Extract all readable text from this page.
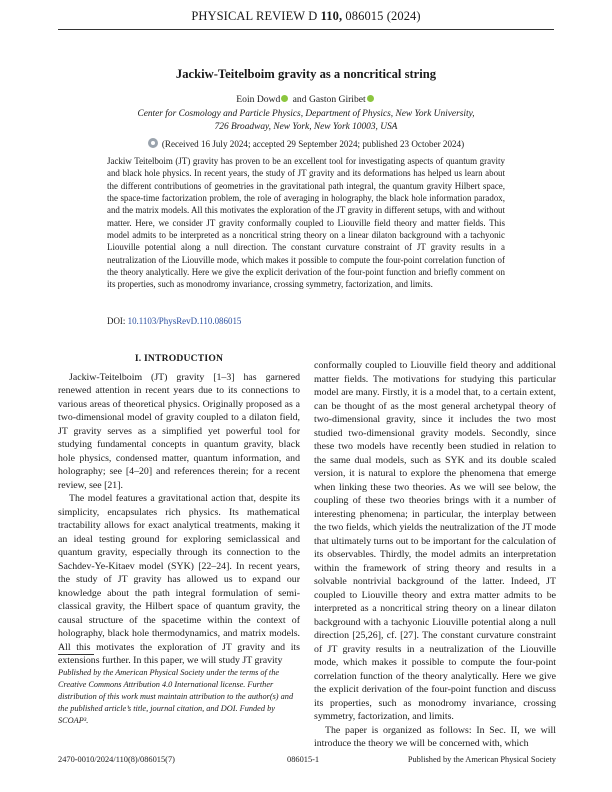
PHYSICAL REVIEW D 110, 086015 (2024)
Jackiw-Teitelboim gravity as a noncritical string
Eoin Dowd and Gaston Giribet
Center for Cosmology and Particle Physics, Department of Physics, New York University,
726 Broadway, New York, New York 10003, USA
(Received 16 July 2024; accepted 29 September 2024; published 23 October 2024)

Jackiw Teitelboim (JT) gravity has proven to be an excellent tool for investigating aspects of quantum gravity and black hole physics. In recent years, the study of JT gravity and its deformations has helped us learn about the different contributions of geometries in the gravitational path integral, the quantum gravity Hilbert space, the space-time factorization problem, the role of averaging in holography, the black hole information paradox, and the matrix models. All this motivates the exploration of the JT gravity in different setups, with and without matter. Here, we consider JT gravity conformally coupled to Liouville field theory and matter fields. This model admits to be interpreted as a noncritical string theory on a linear dilaton background with a tachyonic Liouville potential along a null direction. The constant curvature constraint of JT gravity results in a neutralization of the Liouville mode, which makes it possible to compute the four-point correlation function of the theory analytically. Here we give the explicit derivation of the four-point function and briefly comment on its properties, such as monodromy invariance, crossing symmetry, factorization, and limits.

DOI: 10.1103/PhysRevD.110.086015
I. INTRODUCTION

Jackiw-Teitelboim (JT) gravity [1–3] has garnered renewed attention in recent years due to its connections to various areas of theoretical physics. Originally proposed as a two-dimensional model of gravity coupled to a dilaton field, JT gravity serves as a simplified yet powerful tool for studying fundamental concepts in quantum gravity, black hole physics, condensed matter, quantum information, and holography; see [4–20] and references therein; for a recent review, see [21].

The model features a gravitational action that, despite its simplicity, encapsulates rich physics. Its mathematical tractability allows for exact analytical treatments, making it an ideal testing ground for exploring semiclassical and quantum gravity, especially through its connection to the Sachdev-Ye-Kitaev model (SYK) [22–24]. In recent years, the study of JT gravity has allowed us to expand our knowledge about the path integral formulation of semi-classical gravity, the Hilbert space of quantum gravity, the causal structure of the spacetime within the context of holography, black hole thermodynamics, and matrix models. All this motivates the exploration of JT gravity and its extensions further. In this paper, we will study JT gravity

conformally coupled to Liouville field theory and additional matter fields. The motivations for studying this particular model are many. Firstly, it is a model that, to a certain extent, can be thought of as the most general archetypal theory of two-dimensional gravity, since it includes the two most studied two-dimensional gravity models. Secondly, since these two models have recently been studied in relation to the same dual models, such as SYK and its double scaled version, it is natural to explore the phenomena that emerge when linking these two theories. As we will see below, the coupling of these two theories brings with it a number of interesting phenomena; in particular, the interplay between the two fields, which yields the neutralization of the JT mode that ultimately turns out to be important for the calculation of its observables. Thirdly, the model admits an interpretation within the framework of string theory and results in a solvable nontrivial background of the latter. Indeed, JT coupled to Liouville theory and extra matter admits to be interpreted as a noncritical string theory on a linear dilaton background with a tachyonic Liouville potential along a null direction [25,26], cf. [27]. The constant curvature constraint of JT gravity results in a neutralization of the Liouville mode, which makes it possible to compute the four-point correlation function of the theory analytically. Here we give the explicit derivation of the four-point function and discuss its properties, such as monodromy invariance, crossing symmetry, factorization, and limits.

The paper is organized as follows: In Sec. II, we will introduce the theory we will be concerned with, which

Published by the American Physical Society under the terms of the Creative Commons Attribution 4.0 International license. Further distribution of this work must maintain attribution to the author(s) and the published article’s title, journal citation, and DOI. Funded by SCOAP³.

2470-0010/2024/110(8)/086015(7)	086015-1	Published by the American Physical Society
